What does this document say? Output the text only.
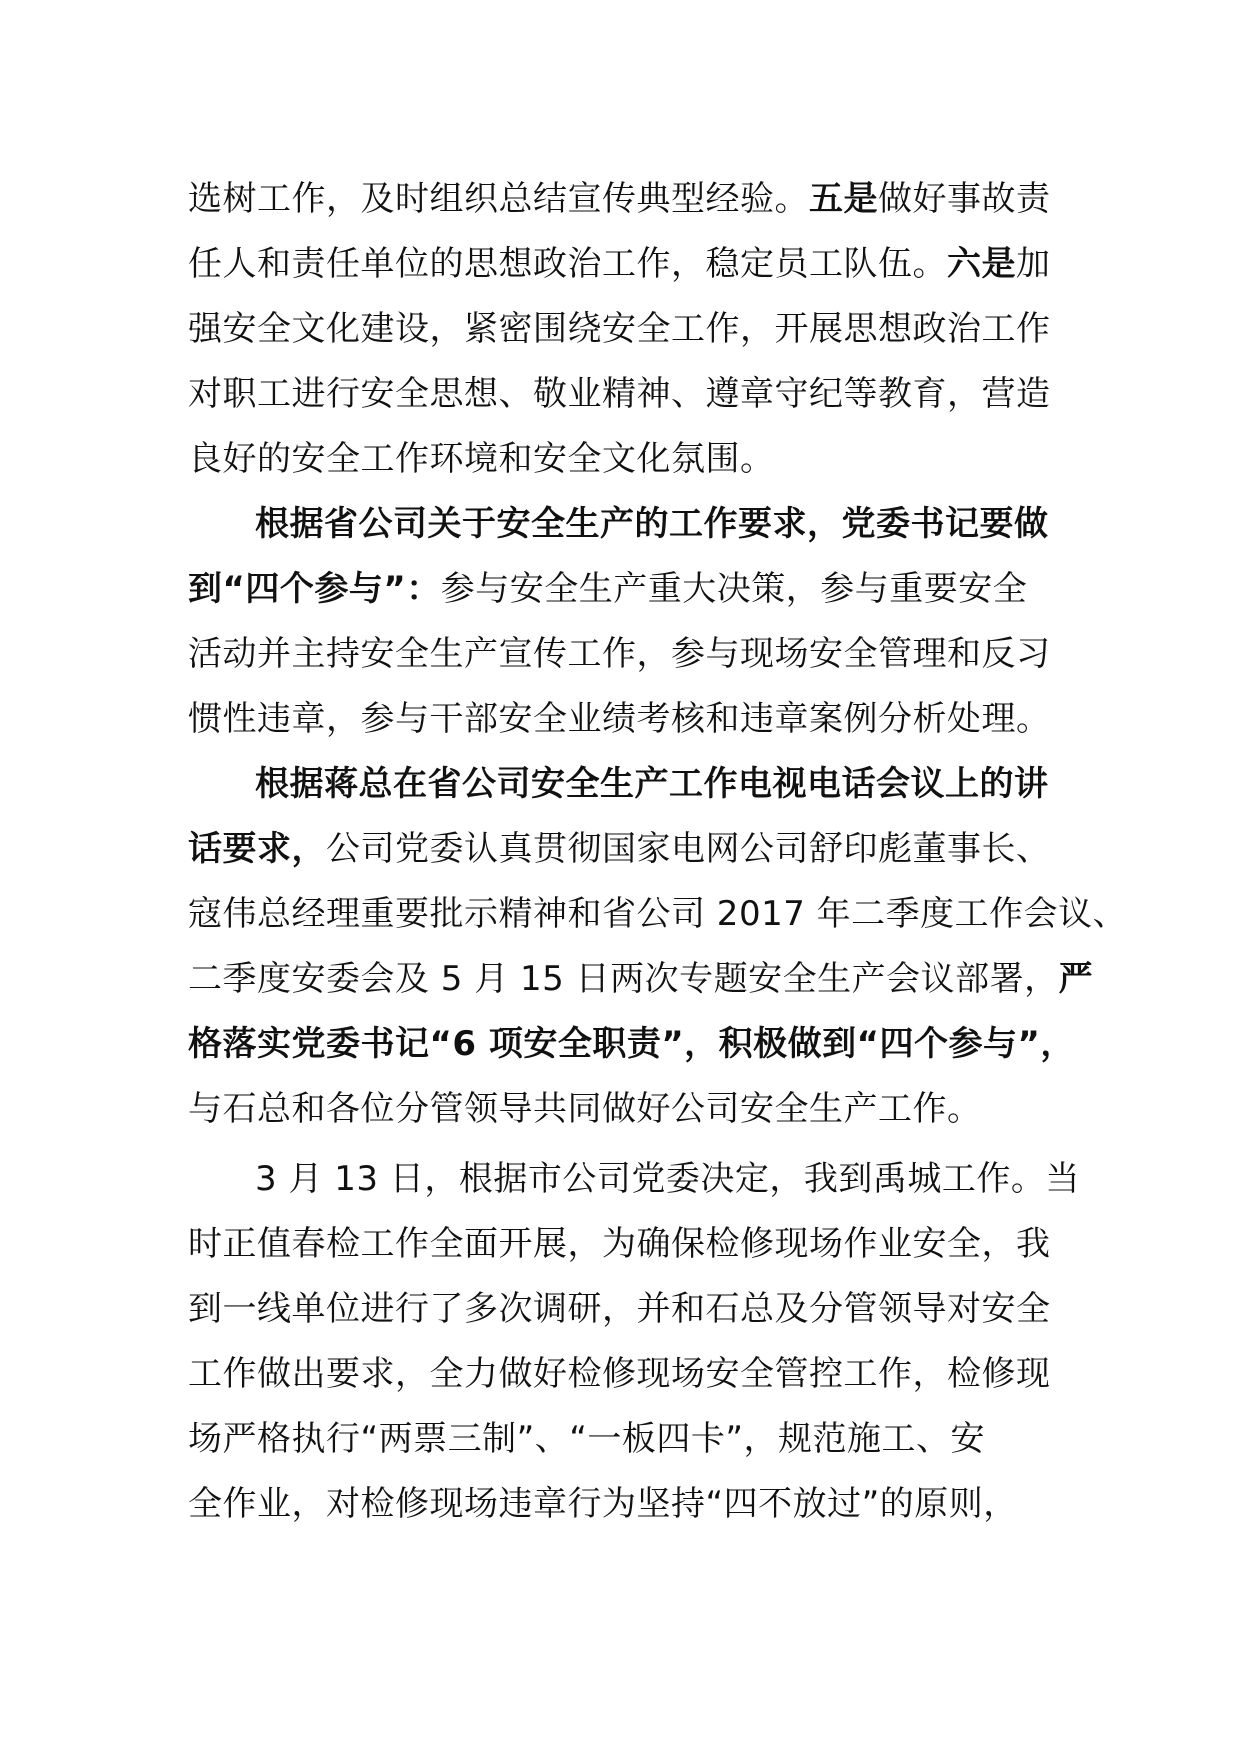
选树工作，及时组织总结宣传典型经验。五是做好事故责
任人和责任单位的思想政治工作，稳定员工队伍。六是加
强安全文化建设，紧密围绕安全工作，开展思想政治工作
对职工进行安全思想、敬业精神、遵章守纪等教育，营造
良好的安全工作环境和安全文化氛围。
根据省公司关于安全生产的工作要求，党委书记要做
到“四个参与”：参与安全生产重大决策，参与重要安全
活动并主持安全生产宣传工作，参与现场安全管理和反习
惯性违章，参与干部安全业绩考核和违章案例分析处理。
根据蒋总在省公司安全生产工作电视电话会议上的讲
话要求，公司党委认真贯彻国家电网公司舒印彪董事长、
寇伟总经理重要批示精神和省公司 2017 年二季度工作会议、
二季度安委会及 5 月 15 日两次专题安全生产会议部署，严
格落实党委书记“6 项安全职责”，积极做到“四个参与”，
与石总和各位分管领导共同做好公司安全生产工作。
3 月 13 日，根据市公司党委决定，我到禹城工作。当
时正值春检工作全面开展，为确保检修现场作业安全，我
到一线单位进行了多次调研，并和石总及分管领导对安全
工作做出要求，全力做好检修现场安全管控工作，检修现
场严格执行“两票三制”、“一板四卡”，规范施工、安
全作业，对检修现场违章行为坚持“四不放过”的原则，
